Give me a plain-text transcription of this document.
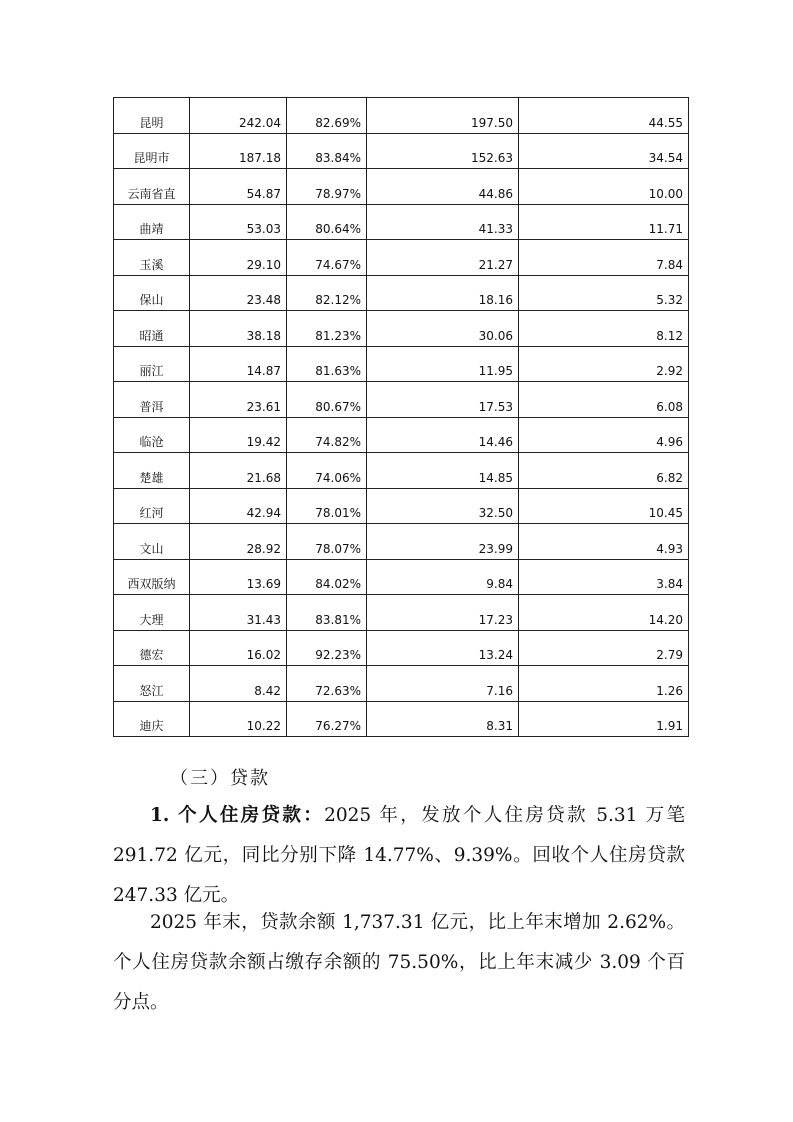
昆明	242.04	82.69%	197.50	44.55
昆明市	187.18	83.84%	152.63	34.54
云南省直	54.87	78.97%	44.86	10.00
曲靖	53.03	80.64%	41.33	11.71
玉溪	29.10	74.67%	21.27	7.84
保山	23.48	82.12%	18.16	5.32
昭通	38.18	81.23%	30.06	8.12
丽江	14.87	81.63%	11.95	2.92
普洱	23.61	80.67%	17.53	6.08
临沧	19.42	74.82%	14.46	4.96
楚雄	21.68	74.06%	14.85	6.82
红河	42.94	78.01%	32.50	10.45
文山	28.92	78.07%	23.99	4.93
西双版纳	13.69	84.02%	9.84	3.84
大理	31.43	83.81%	17.23	14.20
德宏	16.02	92.23%	13.24	2.79
怒江	8.42	72.63%	7.16	1.26
迪庆	10.22	76.27%	8.31	1.91

（三）贷款

1. 个人住房贷款：2025 年，发放个人住房贷款 5.31 万笔 291.72 亿元，同比分别下降 14.77%、9.39%。回收个人住房贷款 247.33 亿元。

2025 年末，贷款余额 1,737.31 亿元，比上年末增加 2.62%。个人住房贷款余额占缴存余额的 75.50%，比上年末减少 3.09 个百分点。
